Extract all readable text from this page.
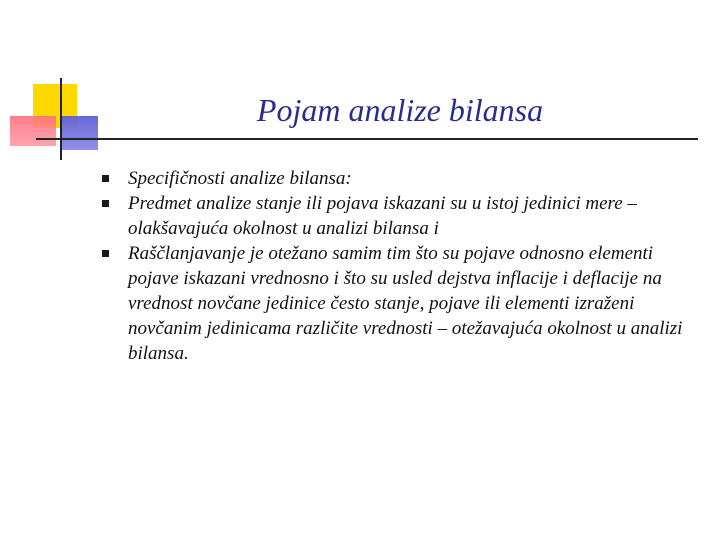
Pojam analize bilansa
Specifičnosti analize bilansa:
Predmet analize stanje ili pojava iskazani su u istoj jedinici mere – olakšavajuća okolnost u analizi bilansa i
Raščlanjavanje je otežano samim tim što su pojave odnosno elementi pojave iskazani vrednosno i što su usled dejstva inflacije i deflacije na vrednost novčane jedinice često stanje, pojave ili elementi izraženi novčanim jedinicama različite vrednosti – otežavajuća okolnost u analizi bilansa.
